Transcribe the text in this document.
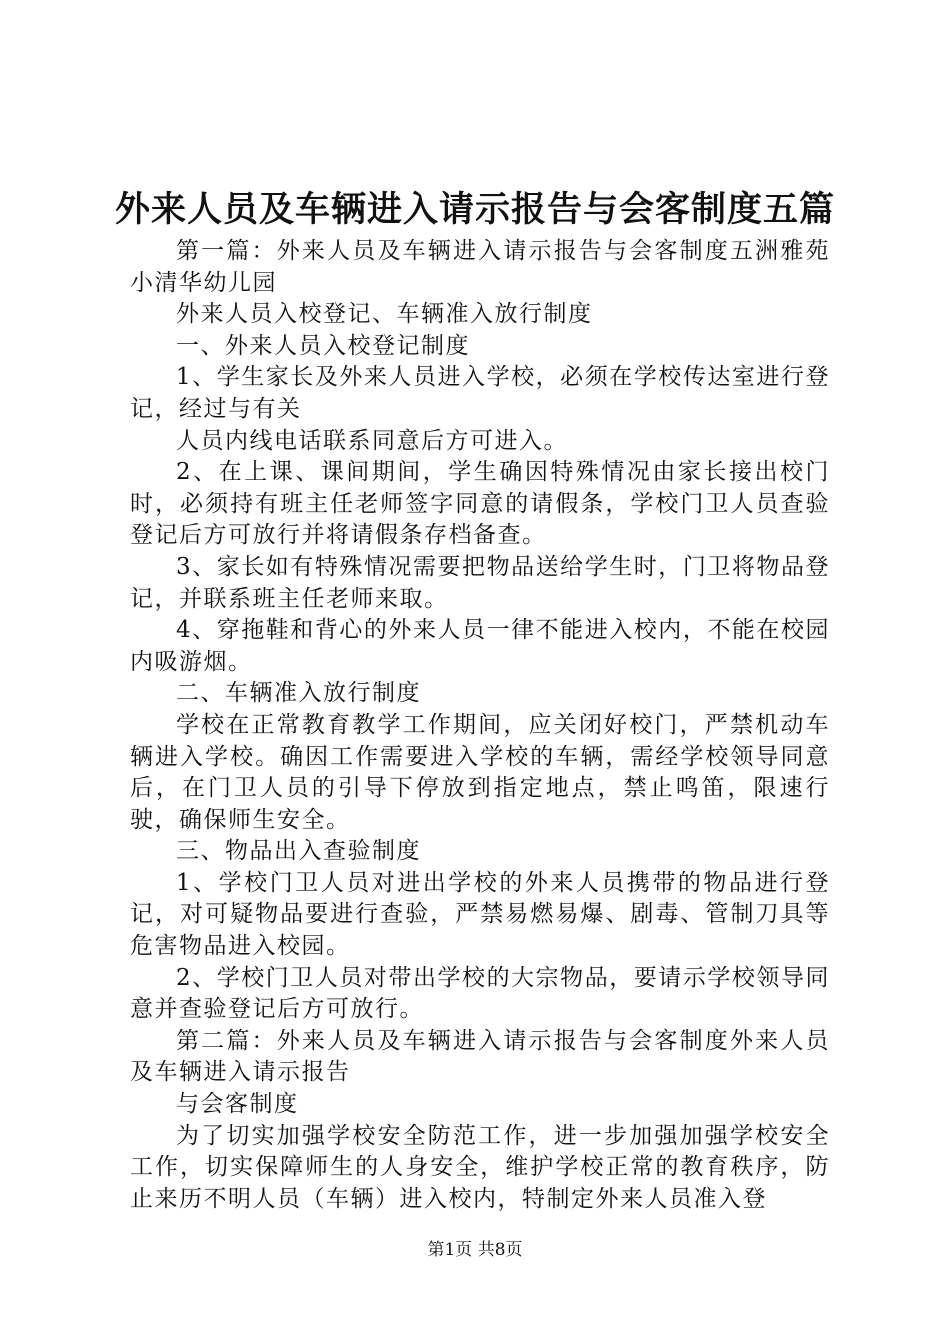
外来人员及车辆进入请示报告与会客制度五篇

第一篇：外来人员及车辆进入请示报告与会客制度五洲雅苑小清华幼儿园

外来人员入校登记、车辆准入放行制度

一、外来人员入校登记制度

1、学生家长及外来人员进入学校，必须在学校传达室进行登记，经过与有关

人员内线电话联系同意后方可进入。

2、在上课、课间期间，学生确因特殊情况由家长接出校门时，必须持有班主任老师签字同意的请假条，学校门卫人员查验登记后方可放行并将请假条存档备查。

3、家长如有特殊情况需要把物品送给学生时，门卫将物品登记，并联系班主任老师来取。

4、穿拖鞋和背心的外来人员一律不能进入校内，不能在校园内吸游烟。

二、车辆准入放行制度

学校在正常教育教学工作期间，应关闭好校门，严禁机动车辆进入学校。确因工作需要进入学校的车辆，需经学校领导同意后，在门卫人员的引导下停放到指定地点，禁止鸣笛，限速行驶，确保师生安全。

三、物品出入查验制度

1、学校门卫人员对进出学校的外来人员携带的物品进行登记，对可疑物品要进行查验，严禁易燃易爆、剧毒、管制刀具等危害物品进入校园。

2、学校门卫人员对带出学校的大宗物品，要请示学校领导同意并查验登记后方可放行。

第二篇：外来人员及车辆进入请示报告与会客制度外来人员及车辆进入请示报告

与会客制度

为了切实加强学校安全防范工作，进一步加强加强学校安全工作，切实保障师生的人身安全，维护学校正常的教育秩序，防止来历不明人员（车辆）进入校内，特制定外来人员准入登

第1页 共8页
